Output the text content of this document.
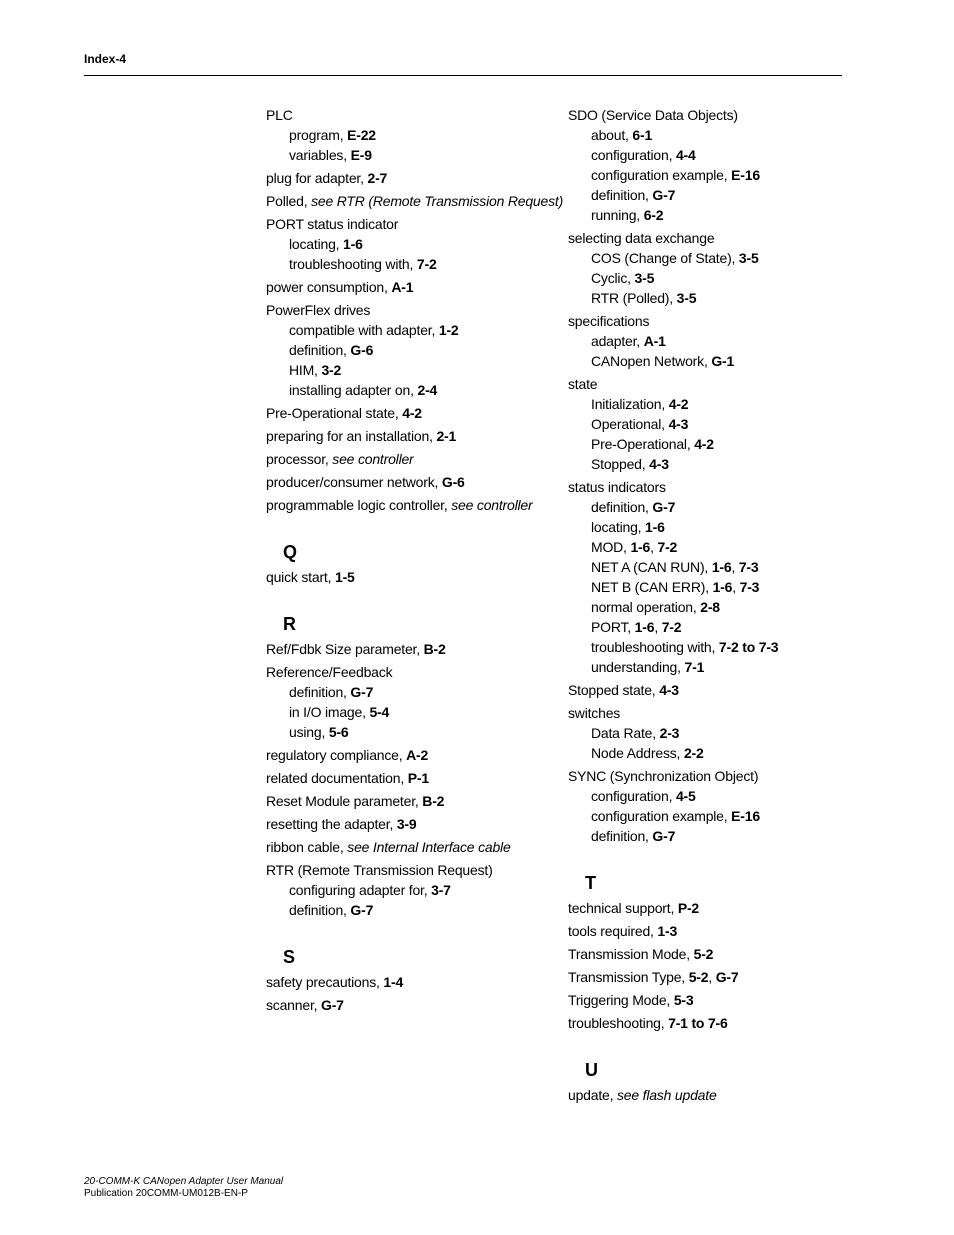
Index-4
PLC
program, E-22
variables, E-9
plug for adapter, 2-7
Polled, see RTR (Remote Transmission Request)
PORT status indicator
locating, 1-6
troubleshooting with, 7-2
power consumption, A-1
PowerFlex drives
compatible with adapter, 1-2
definition, G-6
HIM, 3-2
installing adapter on, 2-4
Pre-Operational state, 4-2
preparing for an installation, 2-1
processor, see controller
producer/consumer network, G-6
programmable logic controller, see controller
Q
quick start, 1-5
R
Ref/Fdbk Size parameter, B-2
Reference/Feedback
definition, G-7
in I/O image, 5-4
using, 5-6
regulatory compliance, A-2
related documentation, P-1
Reset Module parameter, B-2
resetting the adapter, 3-9
ribbon cable, see Internal Interface cable
RTR (Remote Transmission Request)
configuring adapter for, 3-7
definition, G-7
S
safety precautions, 1-4
scanner, G-7
SDO (Service Data Objects)
about, 6-1
configuration, 4-4
configuration example, E-16
definition, G-7
running, 6-2
selecting data exchange
COS (Change of State), 3-5
Cyclic, 3-5
RTR (Polled), 3-5
specifications
adapter, A-1
CANopen Network, G-1
state
Initialization, 4-2
Operational, 4-3
Pre-Operational, 4-2
Stopped, 4-3
status indicators
definition, G-7
locating, 1-6
MOD, 1-6, 7-2
NET A (CAN RUN), 1-6, 7-3
NET B (CAN ERR), 1-6, 7-3
normal operation, 2-8
PORT, 1-6, 7-2
troubleshooting with, 7-2 to 7-3
understanding, 7-1
Stopped state, 4-3
switches
Data Rate, 2-3
Node Address, 2-2
SYNC (Synchronization Object)
configuration, 4-5
configuration example, E-16
definition, G-7
T
technical support, P-2
tools required, 1-3
Transmission Mode, 5-2
Transmission Type, 5-2, G-7
Triggering Mode, 5-3
troubleshooting, 7-1 to 7-6
U
update, see flash update
20-COMM-K CANopen Adapter User Manual
Publication 20COMM-UM012B-EN-P
